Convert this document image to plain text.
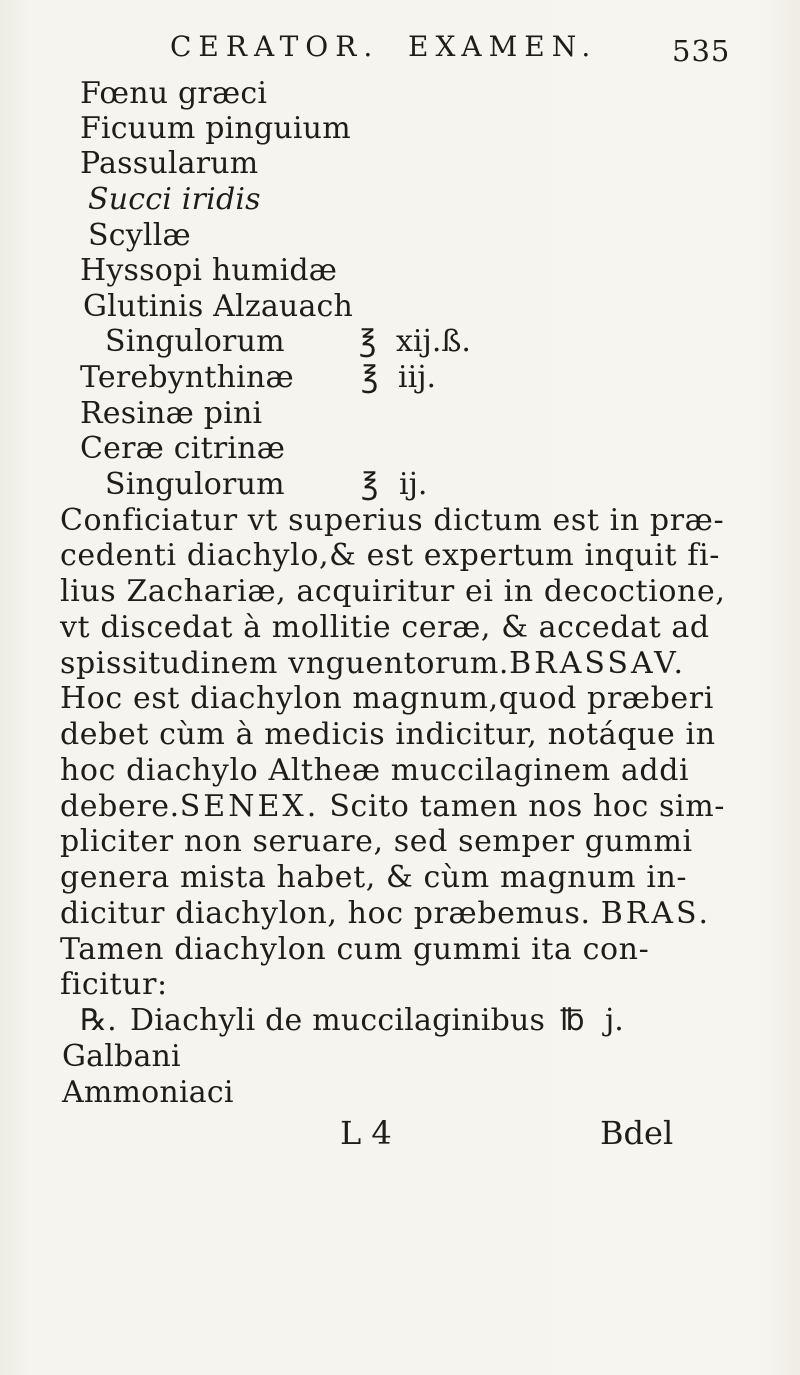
CERATOR. EXAMEN.	535
Fœnu græci
Ficuum pinguium
Passularum
Succi iridis
Scyllæ
Hyssopi humidæ
Glutinis Alzauach
Singulorum ℥ xij.ß.
Terebynthinæ ℥ iij.
Resinæ pini
Ceræ citrinæ
Singulorum	℥ ij.
Conficiatur vt superius dictum est in præ-
cedenti diachylo,& est expertum inquit fi-
lius Zachariæ, acquiritur ei in decoctione,
vt discedat à mollitie ceræ, & accedat ad
spissitudinem vnguentorum.BRASSAV.
Hoc est diachylon magnum,quod præberi
debet cùm à medicis indicitur, notáque in
hoc diachylo Altheæ muccilaginem addi
debere.SENEX. Scito tamen nos hoc sim-
pliciter non seruare, sed semper gummi
genera mista habet, & cùm magnum in-
dicitur diachylon, hoc præbemus. BRAS.
Tamen diachylon cum gummi ita con-
ficitur:
℞. Diachyli de muccilaginibus ℔ j.
Galbani
Ammoniaci
L 4	Bdel
